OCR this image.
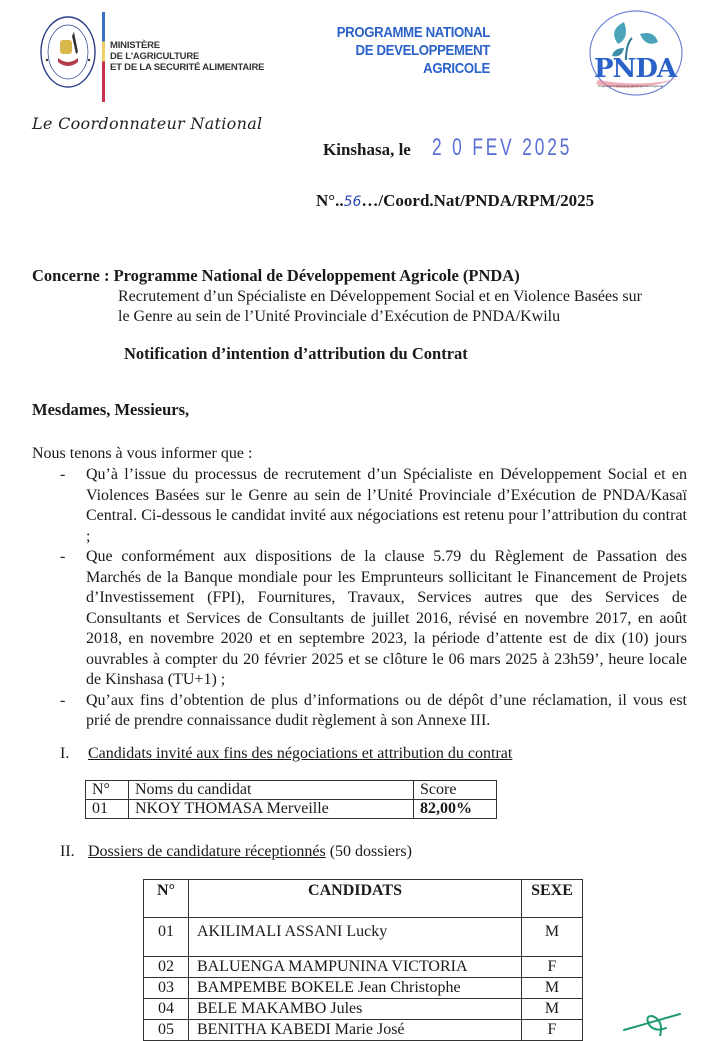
MINISTÈRE
DE L'AGRICULTURE
ET DE LA SECURITÉ ALIMENTAIRE
Le Coordonnateur National
PROGRAMME NATIONAL
DE DEVELOPPEMENT
AGRICOLE	PNDA
Programme National de Développement Agricole
Kinshasa, le 2 0 FEV 2025
N°..56…/Coord.Nat/PNDA/RPM/2025
Concerne : Programme National de Développement Agricole (PNDA)
Recrutement d’un Spécialiste en Développement Social et en Violence Basées sur
le Genre au sein de l’Unité Provinciale d’Exécution de PNDA/Kwilu
Notification d’intention d’attribution du Contrat
Mesdames, Messieurs,
Nous tenons à vous informer que :
- Qu’à l’issue du processus de recrutement d’un Spécialiste en Développement Social et en Violences Basées sur le Genre au sein de l’Unité Provinciale d’Exécution de PNDA/Kasaï Central. Ci-dessous le candidat invité aux négociations est retenu pour l’attribution du contrat ;
- Que conformément aux dispositions de la clause 5.79 du Règlement de Passation des Marchés de la Banque mondiale pour les Emprunteurs sollicitant le Financement de Projets d’Investissement (FPI), Fournitures, Travaux, Services autres que des Services de Consultants et Services de Consultants de juillet 2016, révisé en novembre 2017, en août 2018, en novembre 2020 et en septembre 2023, la période d’attente est de dix (10) jours ouvrables à compter du 20 février 2025 et se clôture le 06 mars 2025 à 23h59’, heure locale de Kinshasa (TU+1) ;
- Qu’aux fins d’obtention de plus d’informations ou de dépôt d’une réclamation, il vous est prié de prendre connaissance dudit règlement à son Annexe III.
I. Candidats invité aux fins des négociations et attribution du contrat
N°	Noms du candidat	Score
01	NKOY THOMASA Merveille	82,00%
II. Dossiers de candidature réceptionnés (50 dossiers)
N°	CANDIDATS	SEXE
01	AKILIMALI ASSANI Lucky	M
02	BALUENGA MAMPUNINA VICTORIA	F
03	BAMPEMBE BOKELE Jean Christophe	M
04	BELE MAKAMBO Jules	M
05	BENITHA KABEDI Marie José	F
